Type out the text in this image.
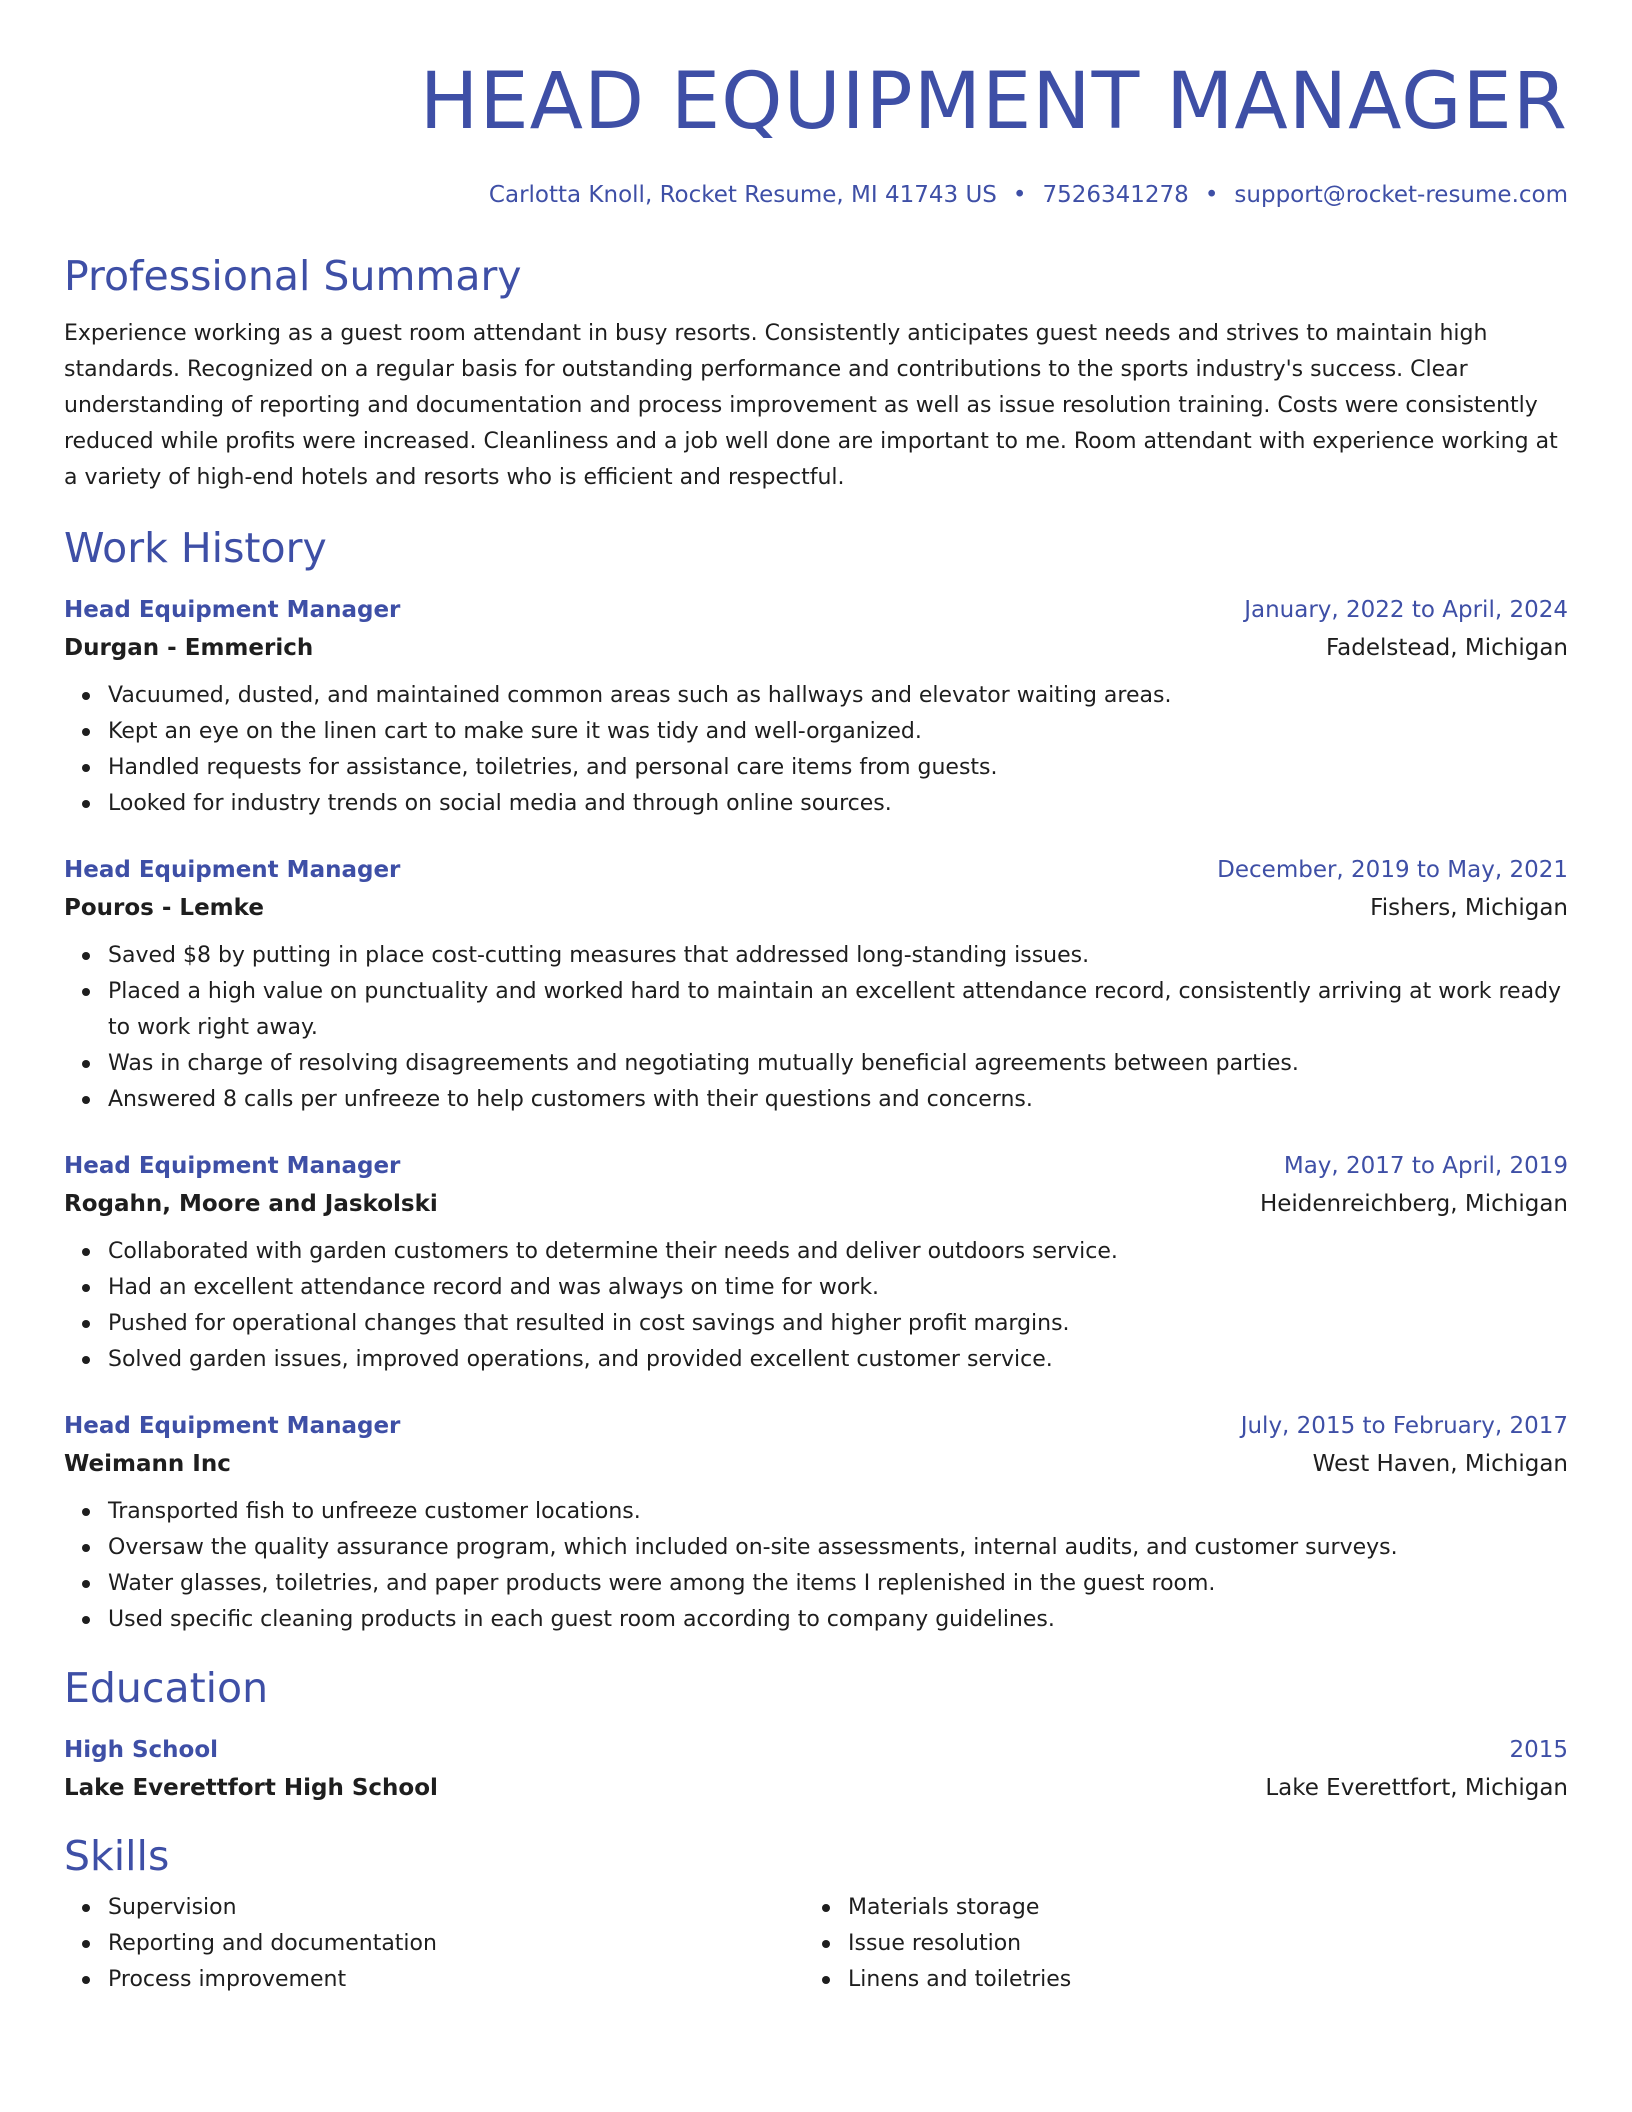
HEAD EQUIPMENT MANAGER
Carlotta Knoll, Rocket Resume, MI 41743 US • 7526341278 • support@rocket-resume.com
Professional Summary
Experience working as a guest room attendant in busy resorts. Consistently anticipates guest needs and strives to maintain high standards. Recognized on a regular basis for outstanding performance and contributions to the sports industry's success. Clear understanding of reporting and documentation and process improvement as well as issue resolution training. Costs were consistently reduced while profits were increased. Cleanliness and a job well done are important to me. Room attendant with experience working at a variety of high-end hotels and resorts who is efficient and respectful.
Work History
Head Equipment Manager	January, 2022 to April, 2024
Durgan - Emmerich	Fadelstead, Michigan
Vacuumed, dusted, and maintained common areas such as hallways and elevator waiting areas.
Kept an eye on the linen cart to make sure it was tidy and well-organized.
Handled requests for assistance, toiletries, and personal care items from guests.
Looked for industry trends on social media and through online sources.
Head Equipment Manager	December, 2019 to May, 2021
Pouros - Lemke	Fishers, Michigan
Saved $8 by putting in place cost-cutting measures that addressed long-standing issues.
Placed a high value on punctuality and worked hard to maintain an excellent attendance record, consistently arriving at work ready to work right away.
Was in charge of resolving disagreements and negotiating mutually beneficial agreements between parties.
Answered 8 calls per unfreeze to help customers with their questions and concerns.
Head Equipment Manager	May, 2017 to April, 2019
Rogahn, Moore and Jaskolski	Heidenreichberg, Michigan
Collaborated with garden customers to determine their needs and deliver outdoors service.
Had an excellent attendance record and was always on time for work.
Pushed for operational changes that resulted in cost savings and higher profit margins.
Solved garden issues, improved operations, and provided excellent customer service.
Head Equipment Manager	July, 2015 to February, 2017
Weimann Inc	West Haven, Michigan
Transported fish to unfreeze customer locations.
Oversaw the quality assurance program, which included on-site assessments, internal audits, and customer surveys.
Water glasses, toiletries, and paper products were among the items I replenished in the guest room.
Used specific cleaning products in each guest room according to company guidelines.
Education
High School	2015
Lake Everettfort High School	Lake Everettfort, Michigan
Skills
Supervision
Reporting and documentation
Process improvement
Materials storage
Issue resolution
Linens and toiletries
